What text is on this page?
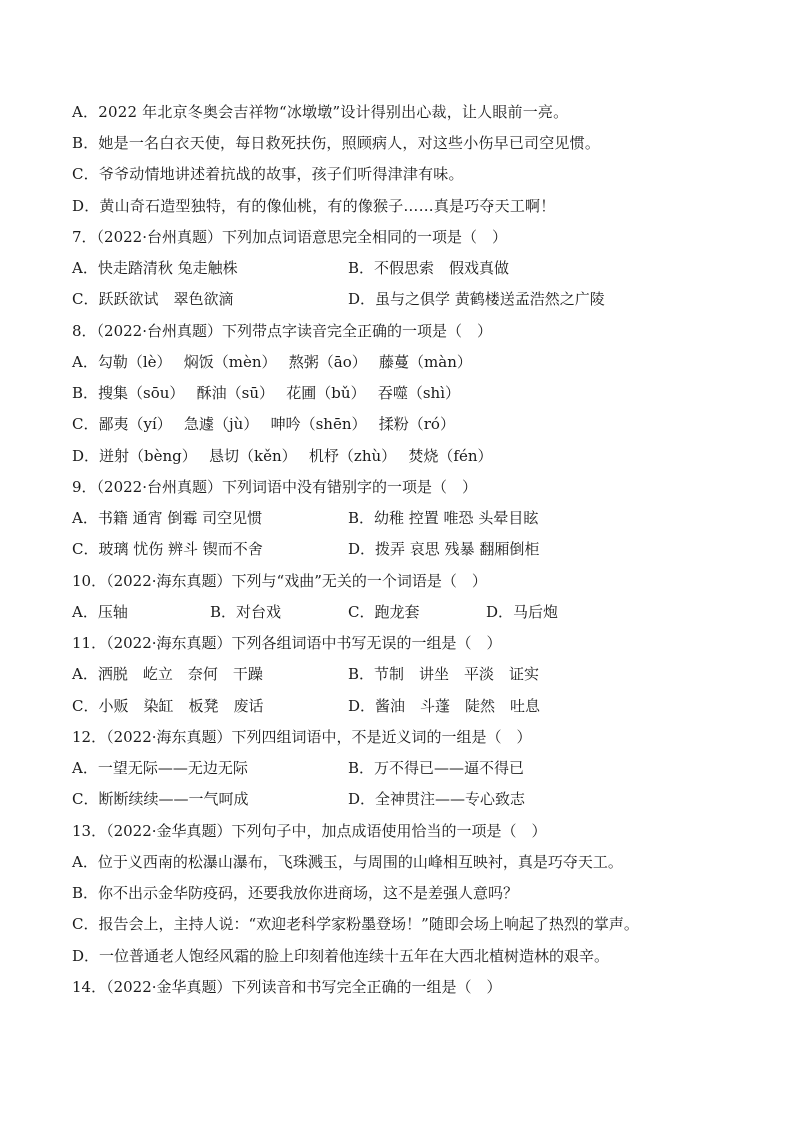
A．2022 年北京冬奥会吉祥物“冰墩墩”设计得别出心裁，让人眼前一亮。
B．她是一名白衣天使，每日救死扶伤，照顾病人，对这些小伤早已司空见惯。
C．爷爷动情地讲述着抗战的故事，孩子们听得津津有味。
D．黄山奇石造型独特，有的像仙桃，有的像猴子……真是巧夺天工啊！
7．（2022·台州真题）下列加点词语意思完全相同的一项是（　）
A．快走踏清秋 兔走触株	B．不假思索　假戏真做
C．跃跃欲试　翠色欲滴	D．虽与之俱学 黄鹤楼送孟浩然之广陵
8．（2022·台州真题）下列带点字读音完全正确的一项是（　）
A．勾勒（lè）　 焖饭（mèn）　 熬粥（āo）　 藤蔓（màn）
B．搜集（sōu）　 酥油（sū）　 花圃（bǔ）　 吞噬（shì）
C．鄙夷（yí）　 急遽（jù）　 呻吟（shēn）　 揉粉（ró）
D．迸射（bèng）　 恳切（kěn）　 机杼（zhù）　 焚烧（fén）
9．（2022·台州真题）下列词语中没有错别字的一项是（　）
A．书籍 通宵 倒霉 司空见惯	B．幼稚 控置 唯恐 头晕目眩
C．玻璃 忧伤 辨斗 锲而不舍	D．拨弄 哀思 残暴 翻厢倒柜
10．（2022·海东真题）下列与“戏曲”无关的一个词语是（　）
A．压轴	B．对台戏	C．跑龙套	D．马后炮
11．（2022·海东真题）下列各组词语中书写无误的一组是（　）
A．洒脱　屹立　奈何　干躁	B．节制　讲坐　平淡　证实
C．小贩　染缸　板凳　废话	D．酱油　斗蓬　陡然　吐息
12．（2022·海东真题）下列四组词语中，不是近义词的一组是（　）
A．一望无际——无边无际	B．万不得已——逼不得已
C．断断续续——一气呵成	D．全神贯注——专心致志
13．（2022·金华真题）下列句子中，加点成语使用恰当的一项是（　）
A．位于义西南的松瀑山瀑布，飞珠溅玉，与周围的山峰相互映衬，真是巧夺天工。
B．你不出示金华防疫码，还要我放你进商场，这不是差强人意吗？
C．报告会上，主持人说：“欢迎老科学家粉墨登场！”随即会场上响起了热烈的掌声。
D．一位普通老人饱经风霜的脸上印刻着他连续十五年在大西北植树造林的艰辛。
14．（2022·金华真题）下列读音和书写完全正确的一组是（　）
